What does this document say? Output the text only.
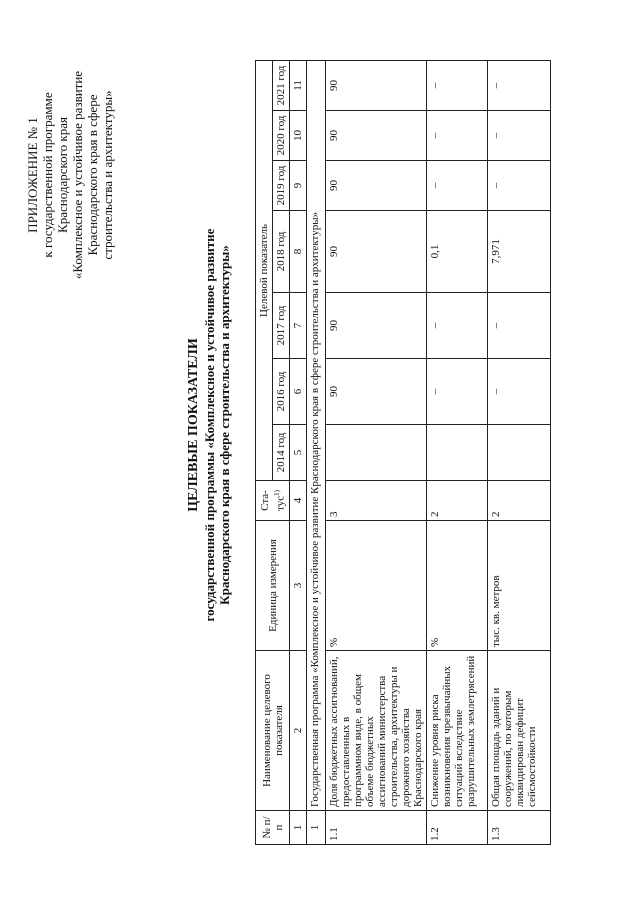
ПРИЛОЖЕНИЕ № 1 к государственной программе Краснодарского края «Комплексное и устойчивое развитие Краснодарского края в сфере строительства и архитектуры»
ЦЕЛЕВЫЕ ПОКАЗАТЕЛИ государственной программы «Комплексное и устойчивое развитие Краснодарского края в сфере строительства и архитектуры»
№ п/п	Наименование целевого показателя	Единица измерения	Ста-тус$^{1)}$	Целевой показатель						
				2014 год	2016 год	2017 год	2018 год	2019 год	2020 год	2021 год
1	2	3	4	5	6	7	8	9	10	11
1	Государственная программа «Комплексное и устойчивое развитие Краснодарского края в сфере строительства и архитектуры»									
1.1	Доля бюджетных ассигнований, предоставленных в программном виде, в общем объеме бюджетных ассигнований министерства строительства, архитектуры и дорожного хозяйства Краснодарского края	%	3		90	90	90	90	90	90
1.2	Снижение уровня риска возникновения чрезвычайных ситуаций вследствие разрушительных землетрясений	%	2		–	–	0,1	–	–	–
1.3	Общая площадь зданий и сооружений, по которым ликвидирован дефицит сейсмостойкости	тыс. кв. метров	2		–	–	7,971	–	–	–
